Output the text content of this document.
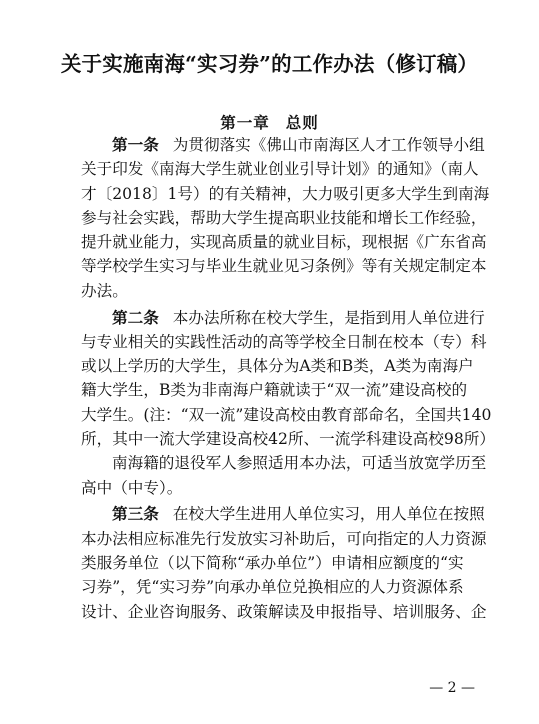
关于实施南海“实习券”的工作办法（修订稿）
第一章 总则
第一条 为贯彻落实《佛山市南海区人才工作领导小组
关于印发《南海大学生就业创业引导计划》的通知》（南人
才〔2018〕1号）的有关精神，大力吸引更多大学生到南海
参与社会实践，帮助大学生提高职业技能和增长工作经验，
提升就业能力，实现高质量的就业目标，现根据《广东省高
等学校学生实习与毕业生就业见习条例》等有关规定制定本
办法。
第二条 本办法所称在校大学生，是指到用人单位进行
与专业相关的实践性活动的高等学校全日制在校本（专）科
或以上学历的大学生，具体分为A类和B类，A类为南海户
籍大学生，B类为非南海户籍就读于“双一流”建设高校的
大学生。(注：“双一流”建设高校由教育部命名，全国共140
所，其中一流大学建设高校42所、一流学科建设高校98所）
南海籍的退役军人参照适用本办法，可适当放宽学历至
高中（中专）。
第三条 在校大学生进用人单位实习，用人单位在按照
本办法相应标准先行发放实习补助后，可向指定的人力资源
类服务单位（以下简称“承办单位”）申请相应额度的“实
习券”，凭“实习券”向承办单位兑换相应的人力资源体系
设计、企业咨询服务、政策解读及申报指导、培训服务、企
— 2 —
